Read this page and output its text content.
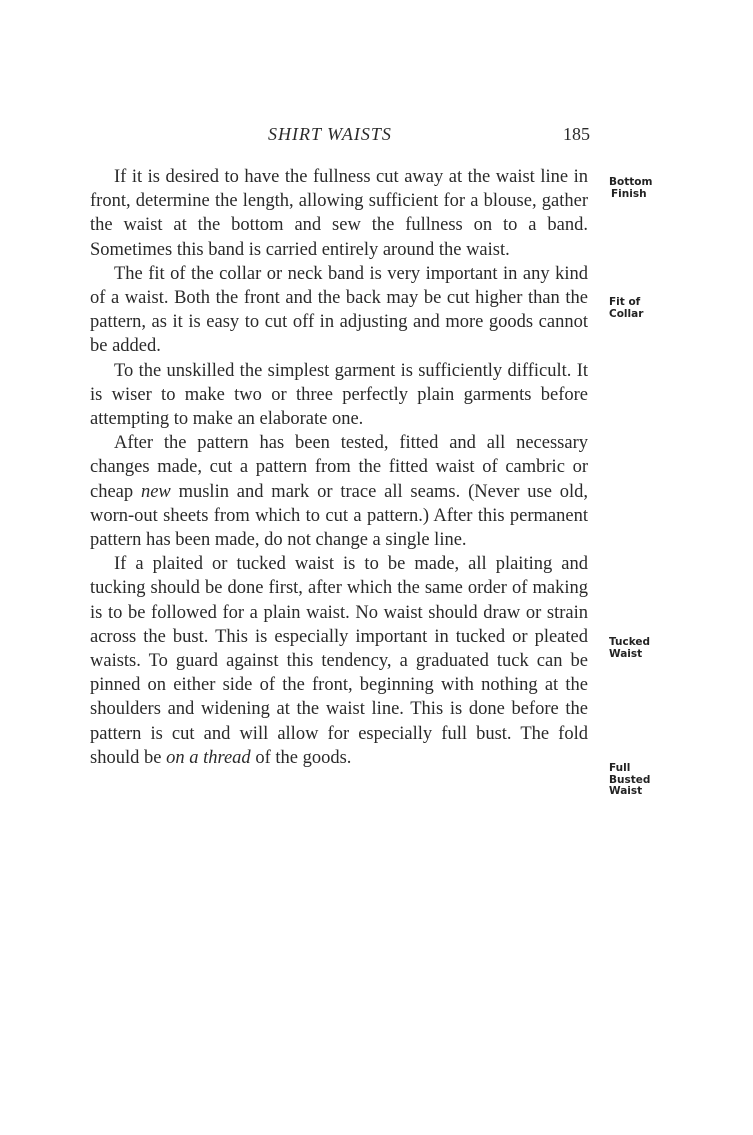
SHIRT WAISTS	185

If it is desired to have the fullness cut away at the waist line in front, determine the length, allowing sufficient for a blouse, gather the waist at the bottom and sew the fullness on to a band. Sometimes this band is carried entirely around the waist.

The fit of the collar or neck band is very important in any kind of a waist. Both the front and the back may be cut higher than the pattern, as it is easy to cut off in adjusting and more goods cannot be added.

To the unskilled the simplest garment is sufficiently difficult. It is wiser to make two or three perfectly plain garments before attempting to make an elaborate one.

After the pattern has been tested, fitted and all necessary changes made, cut a pattern from the fitted waist of cambric or cheap new muslin and mark or trace all seams. (Never use old, worn-out sheets from which to cut a pattern.) After this permanent pattern has been made, do not change a single line.

If a plaited or tucked waist is to be made, all plaiting and tucking should be done first, after which the same order of making is to be followed for a plain waist. No waist should draw or strain across the bust. This is especially important in tucked or pleated waists. To guard against this tendency, a graduated tuck can be pinned on either side of the front, beginning with nothing at the shoulders and widening at the waist line. This is done before the pattern is cut and will allow for especially full bust. The fold should be on a thread of the goods.

Bottom
Finish
Fit of
Collar
Tucked
Waist
Full
Busted
Waist
